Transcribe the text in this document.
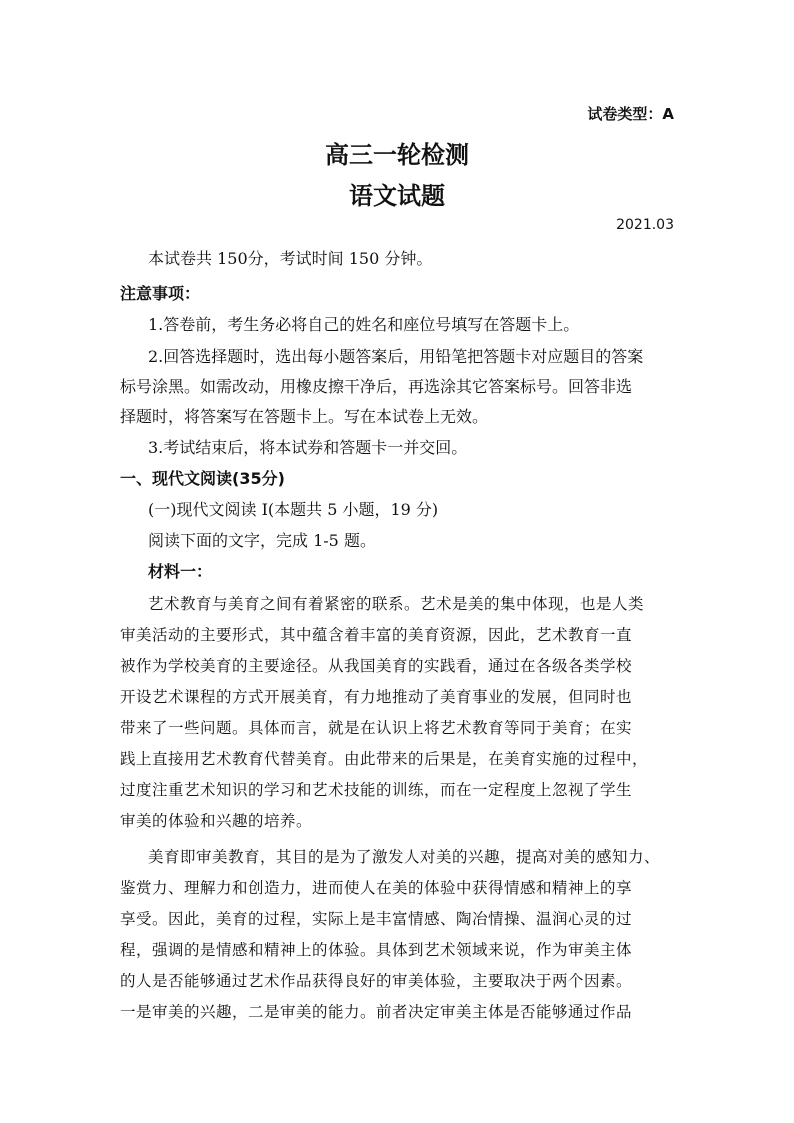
试卷类型：A
高三一轮检测
语文试题
2021.03
本试卷共 150分，考试时间 150 分钟。
注意事项：
1.答卷前，考生务必将自己的姓名和座位号填写在答题卡上。
2.回答选择题时，选出每小题答案后，用铅笔把答题卡对应题目的答案
标号涂黑。如需改动，用橡皮擦干净后，再选涂其它答案标号。回答非选
择题时，将答案写在答题卡上。写在本试卷上无效。
3.考试结束后，将本试券和答题卡一并交回。
一、现代文阅读(35分)
(一)现代文阅读 I(本题共 5 小题，19 分)
阅读下面的文字，完成 1-5 题。
材料一：
艺术教育与美育之间有着紧密的联系。艺术是美的集中体现，也是人类
审美活动的主要形式，其中蕴含着丰富的美育资源，因此，艺术教育一直
被作为学校美育的主要途径。从我国美育的实践看，通过在各级各类学校
开设艺术课程的方式开展美育，有力地推动了美育事业的发展，但同时也
带来了一些问题。具体而言，就是在认识上将艺术教育等同于美育；在实
践上直接用艺术教育代替美育。由此带来的后果是，在美育实施的过程中，
过度注重艺术知识的学习和艺术技能的训练，而在一定程度上忽视了学生
审美的体验和兴趣的培养。
美育即审美教育，其目的是为了激发人对美的兴趣，提高对美的感知力、
鉴赏力、理解力和创造力，进而使人在美的体验中获得情感和精神上的享
享受。因此，美育的过程，实际上是丰富情感、陶冶情操、温润心灵的过
程，强调的是情感和精神上的体验。具体到艺术领域来说，作为审美主体
的人是否能够通过艺术作品获得良好的审美体验，主要取决于两个因素。
一是审美的兴趣，二是审美的能力。前者决定审美主体是否能够通过作品
